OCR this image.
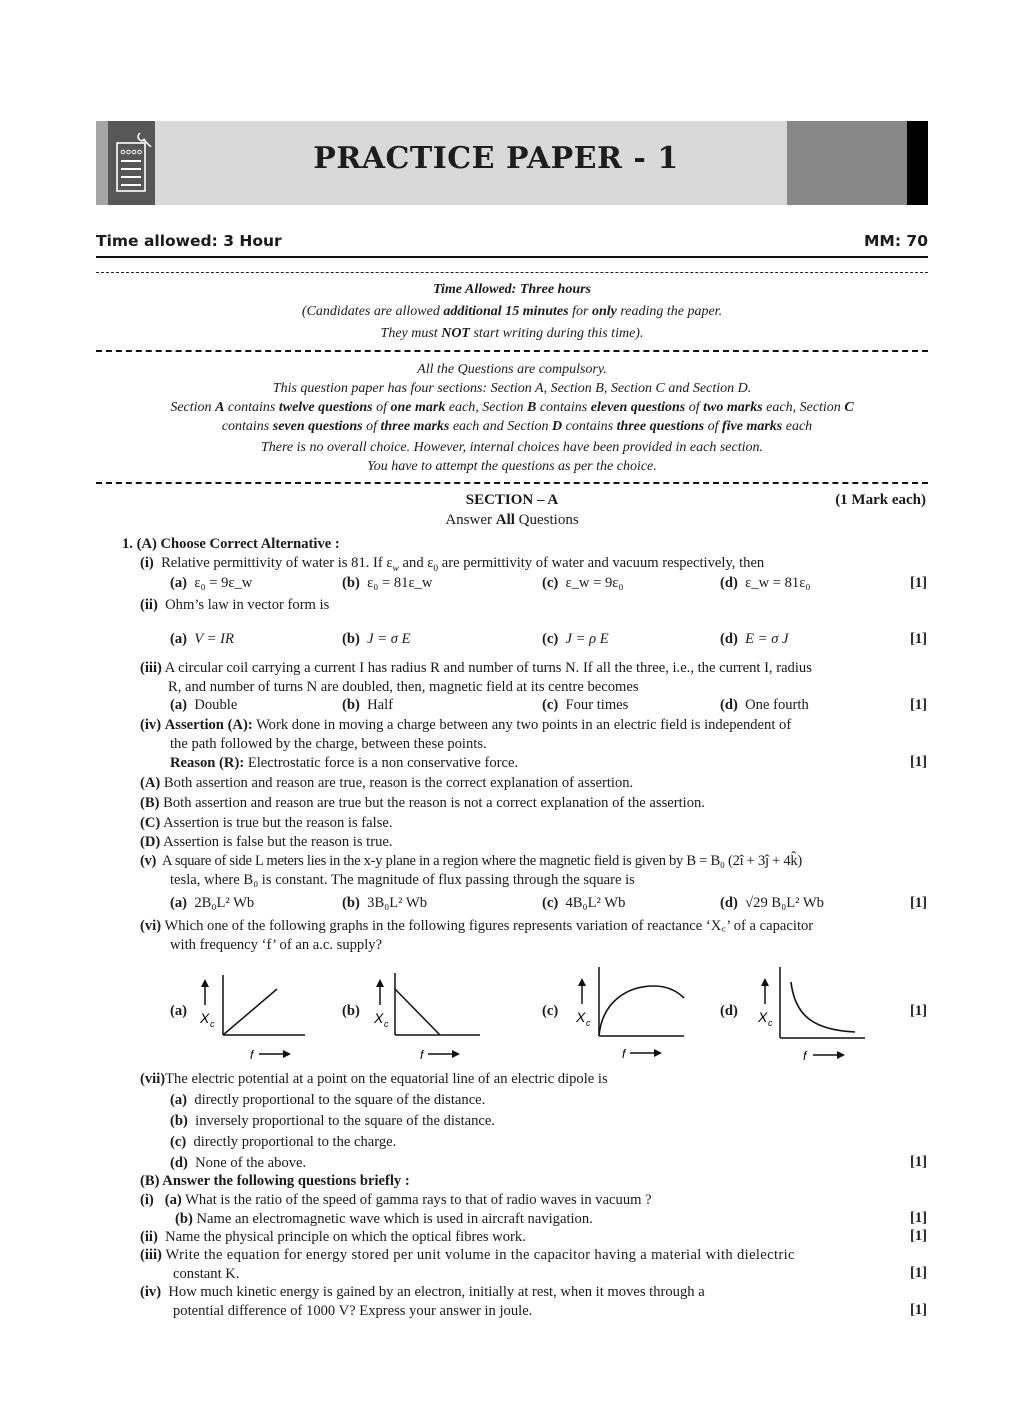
PRACTICE PAPER - 1
Time allowed: 3 Hour	MM: 70
Time Allowed: Three hours
(Candidates are allowed additional 15 minutes for only reading the paper.
They must NOT start writing during this time).
All the Questions are compulsory.
This question paper has four sections: Section A, Section B, Section C and Section D.
Section A contains twelve questions of one mark each, Section B contains eleven questions of two marks each, Section C
contains seven questions of three marks each and Section D contains three questions of five marks each
There is no overall choice. However, internal choices have been provided in each section.
You have to attempt the questions as per the choice.
SECTION – A
Answer All Questions
(1 Mark each)
1. (A) Choose Correct Alternative :
(i) Relative permittivity of water is 81. If $\varepsilon_w$ and $\varepsilon_0$ are permittivity of water and vacuum respectively, then
(a) ε₀ = 9ε_w	(b) ε₀ = 81ε_w	(c) ε_w = 9ε₀	(d) ε_w = 81ε₀	[1]
(ii) Ohm’s law in vector form is
(a) V = IR	(b) J = σ E	(c) J = ρ E	(d) E = σ J	[1]
(iii) A circular coil carrying a current I has radius R and number of turns N. If all the three, i.e., the current I, radius
R, and number of turns N are doubled, then, magnetic field at its centre becomes
(a) Double	(b) Half	(c) Four times	(d) One fourth	[1]
(iv) Assertion (A): Work done in moving a charge between any two points in an electric field is independent of
the path followed by the charge, between these points.
Reason (R): Electrostatic force is a non conservative force.	[1]
(A) Both assertion and reason are true, reason is the correct explanation of assertion.
(B) Both assertion and reason are true but the reason is not a correct explanation of the assertion.
(C) Assertion is true but the reason is false.
(D) Assertion is false but the reason is true.
(v) A square of side L meters lies in the x-y plane in a region where the magnetic field is given by B = B₀ (2î + 3ĵ + 4k̂)
tesla, where B₀ is constant. The magnitude of flux passing through the square is
(a) 2B₀L² Wb	(b) 3B₀L² Wb	(c) 4B₀L² Wb	(d) √29 B₀L² Wb	[1]
(vi) Which one of the following graphs in the following figures represents variation of reactance ‘X꜀’ of a capacitor
with frequency ‘f’ of an a.c. supply?
(a) X c
f
(b) X c
f
(c) X c
f
(d) X c
f
[1]
(vii)The electric potential at a point on the equatorial line of an electric dipole is
(a) directly proportional to the square of the distance.
(b) inversely proportional to the square of the distance.
(c) directly proportional to the charge.
(d) None of the above.	[1]
(B) Answer the following questions briefly :
(i) (a) What is the ratio of the speed of gamma rays to that of radio waves in vacuum ?
(b) Name an electromagnetic wave which is used in aircraft navigation.	[1]
(ii) Name the physical principle on which the optical fibres work.	[1]
(iii) Write the equation for energy stored per unit volume in the capacitor having a material with dielectric
constant K.	[1]
(iv) How much kinetic energy is gained by an electron, initially at rest, when it moves through a
potential difference of 1000 V? Express your answer in joule.	[1]
